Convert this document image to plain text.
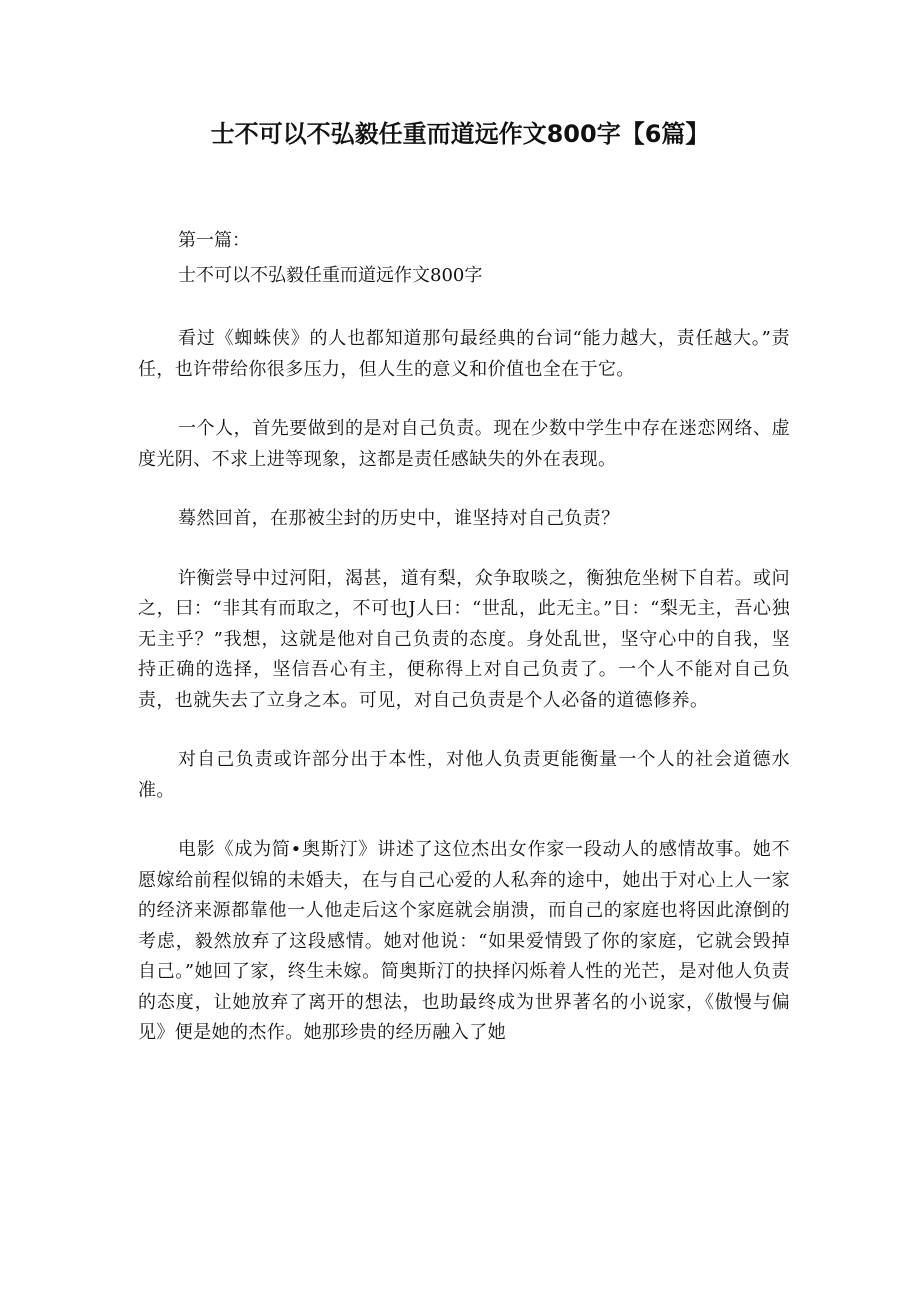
士不可以不弘毅任重而道远作文800字【6篇】

第一篇：

士不可以不弘毅任重而道远作文800字

看过《蜘蛛侠》的人也都知道那句最经典的台词“能力越大，责任越大。”责任，也许带给你很多压力，但人生的意义和价值也全在于它。

一个人，首先要做到的是对自己负责。现在少数中学生中存在迷恋网络、虚度光阴、不求上进等现象，这都是责任感缺失的外在表现。

蓦然回首，在那被尘封的历史中，谁坚持对自己负责？

许衡尝导中过河阳，渴甚，道有梨，众争取啖之，衡独危坐树下自若。或问之，曰：“非其有而取之，不可也J人曰：“世乱，此无主。”日：“梨无主，吾心独无主乎？”我想，这就是他对自己负责的态度。身处乱世，坚守心中的自我，坚持正确的选择，坚信吾心有主，便称得上对自己负责了。一个人不能对自己负责，也就失去了立身之本。可见，对自己负责是个人必备的道德修养。

对自己负责或许部分出于本性，对他人负责更能衡量一个人的社会道德水准。

电影《成为简•奥斯汀》讲述了这位杰出女作家一段动人的感情故事。她不愿嫁给前程似锦的未婚夫，在与自己心爱的人私奔的途中，她出于对心上人一家的经济来源都靠他一人他走后这个家庭就会崩溃，而自己的家庭也将因此潦倒的考虑，毅然放弃了这段感情。她对他说：“如果爱情毁了你的家庭，它就会毁掉自己。”她回了家，终生未嫁。简奥斯汀的抉择闪烁着人性的光芒，是对他人负责的态度，让她放弃了离开的想法，也助最终成为世界著名的小说家，《傲慢与偏见》便是她的杰作。她那珍贵的经历融入了她
